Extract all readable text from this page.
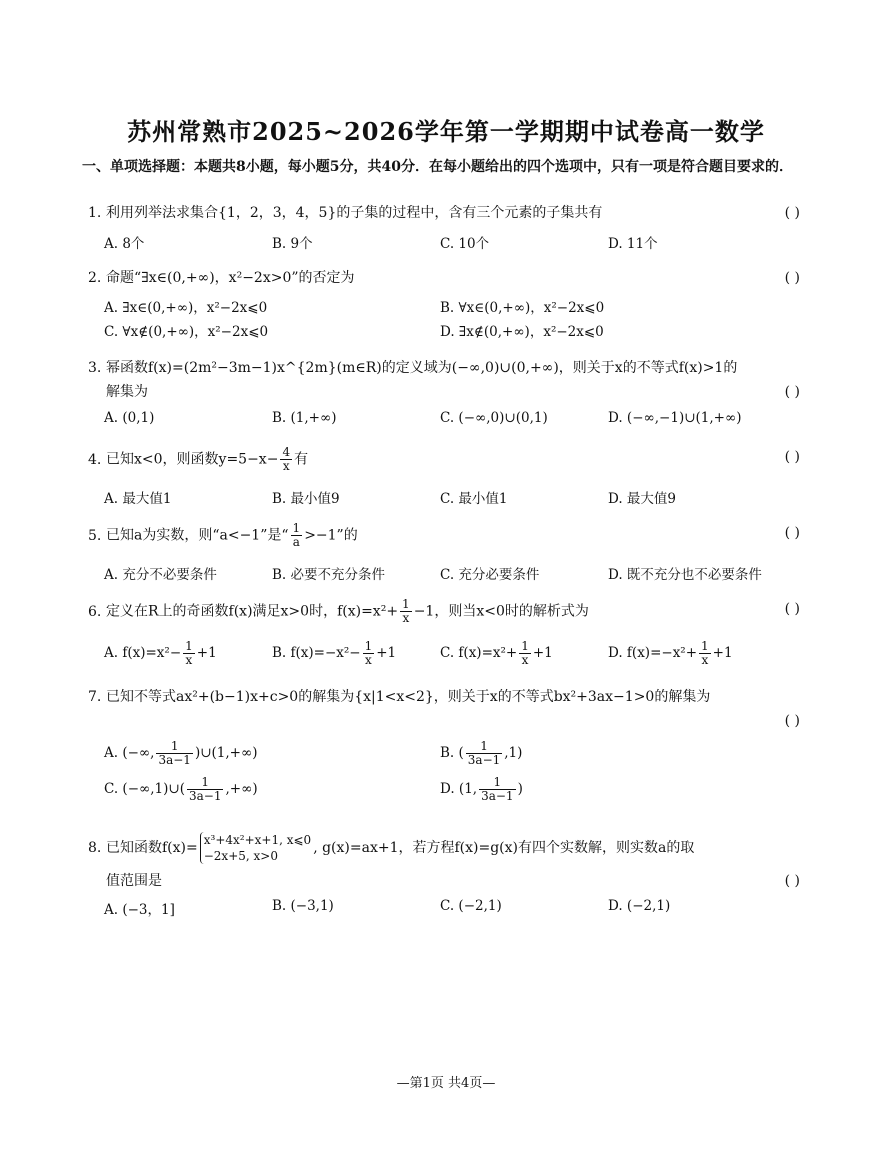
苏州常熟市2025~2026学年第一学期期中试卷高一数学
一、单项选择题：本题共8小题，每小题5分，共40分．在每小题给出的四个选项中，只有一项是符合题目要求的．
1. 利用列举法求集合{1，2，3，4，5}的子集的过程中，含有三个元素的子集共有	( )
A. 8个	B. 9个	C. 10个	D. 11个
2. 命题“∃x∈(0,+∞)，x²−2x>0”的否定为	( )
A. ∃x∈(0,+∞)，x²−2x⩽0	B. ∀x∈(0,+∞)，x²−2x⩽0
C. ∀x∉(0,+∞)，x²−2x⩽0	D. ∃x∉(0,+∞)，x²−2x⩽0
3. 幂函数f(x)=(2m²−3m−1)x^{2m}(m∈R)的定义域为(−∞,0)∪(0,+∞)，则关于x的不等式f(x)>1的
解集为	( )
A. (0,1)	B. (1,+∞)	C. (−∞,0)∪(0,1)	D. (−∞,−1)∪(1,+∞)
4. 已知x<0，则函数$y=5-x- \frac{4}{x}$ 有	( )
A. 最大值1	B. 最小值9	C. 最小值1	D. 最大值9
5. 已知a为实数，则“a<−1”是“ $\frac{1}{a} >-1$”的	( )
A. 充分不必要条件	B. 必要不充分条件	C. 充分必要条件	D. 既不充分也不必要条件
6. 定义在R上的奇函数f(x)满足x>0时，$f(x)=x^2+ \frac{1}{x} -1$，则当x<0时的解析式为	( )
A. $f(x)=x^2- \frac{1}{x} +1$	B. $f(x)=-x^2- \frac{1}{x} +1$	C. $f(x)=x^2+ \frac{1}{x} +1$	D. $f(x)=-x^2+ \frac{1}{x} +1$
7. 已知不等式ax²+(b−1)x+c>0的解集为{x|1<x<2}，则关于x的不等式bx²+3ax−1>0的解集为
( )
A. (−∞, $\frac{1}{3a-1}$ )∪(1,+∞)	B. ( $\frac{1}{3a-1} ,1$)
C. (−∞,1)∪( $\frac{1}{3a-1}$ ,+∞)	D. (1, $\frac{1}{3a-1}$ )
8. 已知函数f(x)= x³+4x²+x+1, x⩽0
−2x+5, x>0	, g(x)=ax+1，若方程f(x)=g(x)有四个实数解，则实数a的取
值范围是	( )
A. (−3，1]	B. (−3,1)	C. (−2,1)	D. (−2,1)
—第1页 共4页—
